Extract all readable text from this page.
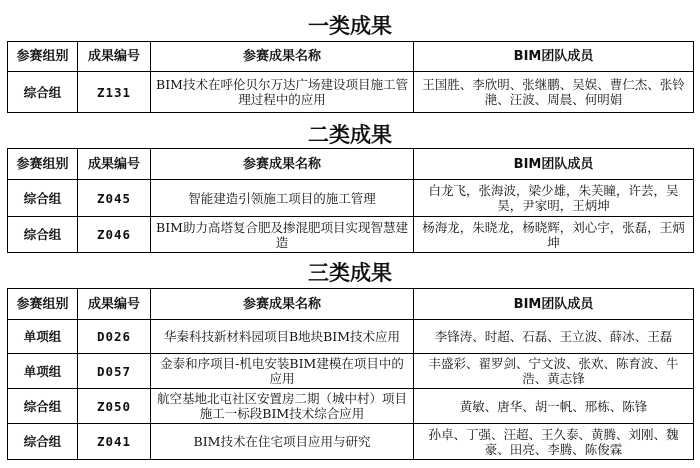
一类成果
参赛组别	成果编号	参赛成果名称	BIM团队成员
综合组	Z131	BIM技术在呼伦贝尔万达广场建设项目施工管理过程中的应用	王国胜、李欣明、张继鹏、吴娱、曹仁杰、张铃滟、汪波、周晨、何明娟
二类成果
参赛组别	成果编号	参赛成果名称	BIM团队成员
综合组	Z045	智能建造引领施工项目的施工管理	白龙飞，张海波，梁少雄，朱芙瞳，许芸，吴昊，尹家明，王炳坤
综合组	Z046	BIM助力高塔复合肥及掺混肥项目实现智慧建造	杨海龙，朱晓龙，杨晓辉，刘心宇，张磊，王炳坤
三类成果
参赛组别	成果编号	参赛成果名称	BIM团队成员
单项组	D026	华秦科技新材料园项目B地块BIM技术应用	李锋涛、时超、石磊、王立波、薛冰、王磊
单项组	D057	金泰和序项目-机电安装BIM建模在项目中的应用	丰盛彩、翟罗剑、宁文波、张欢、陈育波、牛浩、黄志锋
综合组	Z050	航空基地北屯社区安置房二期（城中村）项目施工一标段BIM技术综合应用	黄敏、唐华、胡一帆、邢栋、陈锋
综合组	Z041	BIM技术在住宅项目应用与研究	孙卓、丁强、汪超、王久泰、黄腾、刘刚、魏豪、田亮、李腾、陈俊霖
